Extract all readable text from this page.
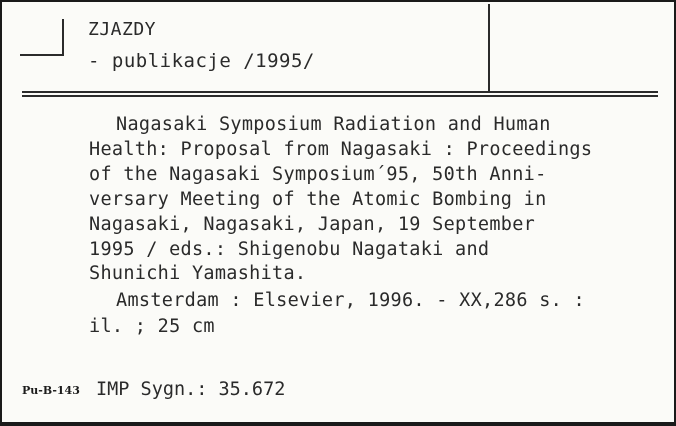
ZJAZDY
- publikacje /1995/
Nagasaki Symposium Radiation and Human
Health: Proposal from Nagasaki : Proceedings
of the Nagasaki Symposium´95, 50th Anni-
versary Meeting of the Atomic Bombing in
Nagasaki, Nagasaki, Japan, 19 September
1995 / eds.: Shigenobu Nagataki and
Shunichi Yamashita.
Amsterdam : Elsevier, 1996. - XX,286 s. :
il. ; 25 cm
Pu-B-143 IMP Sygn.: 35.672
